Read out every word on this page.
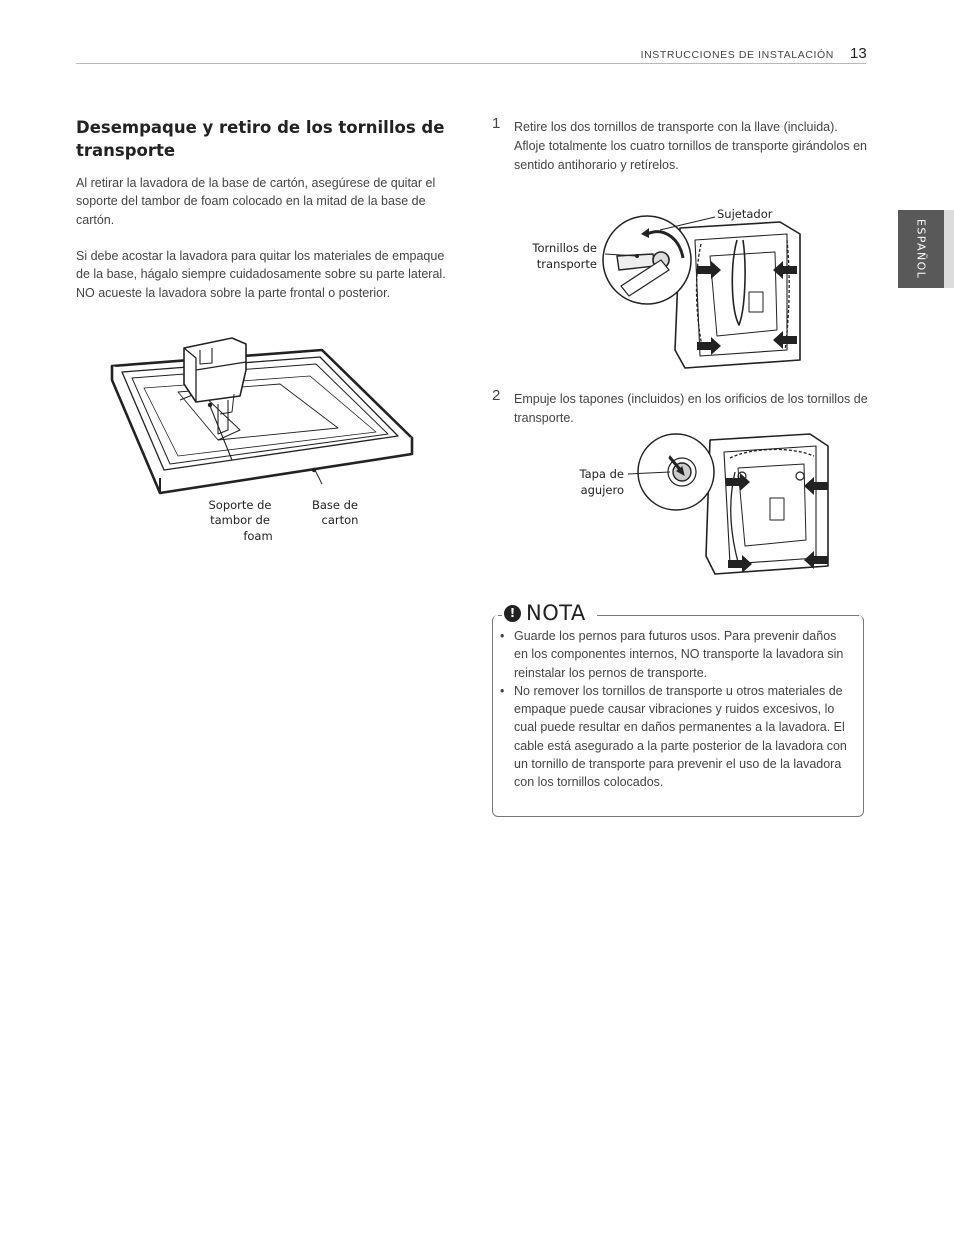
INSTRUCCIONES DE INSTALACIÓN 13
ESPAÑOL
Desempaque y retiro de los tornillos de transporte

Al retirar la lavadora de la base de cartón, asegúrese de quitar el soporte del tambor de foam colocado en la mitad de la base de cartón.

Si debe acostar la lavadora para quitar los materiales de empaque de la base, hágalo siempre cuidadosamente sobre su parte lateral. NO acueste la lavadora sobre la parte frontal o posterior.

Soporte de
tambor de
foam
Base de
carton
1 Retire los dos tornillos de transporte con la llave (incluida). Afloje totalmente los cuatro tornillos de transporte girándolos en sentido antihorario y retírelos.

Sujetador
Tornillos de
transporte
2 Empuje los tapones (incluidos) en los orificios de los tornillos de transporte.

Tapa de
agujero
! NOTA
• Guarde los pernos para futuros usos. Para prevenir daños en los componentes internos, NO transporte la lavadora sin reinstalar los pernos de transporte.
• No remover los tornillos de transporte u otros materiales de empaque puede causar vibraciones y ruidos excesivos, lo cual puede resultar en daños permanentes a la lavadora. El cable está asegurado a la parte posterior de la lavadora con un tornillo de transporte para prevenir el uso de la lavadora con los tornillos colocados.
